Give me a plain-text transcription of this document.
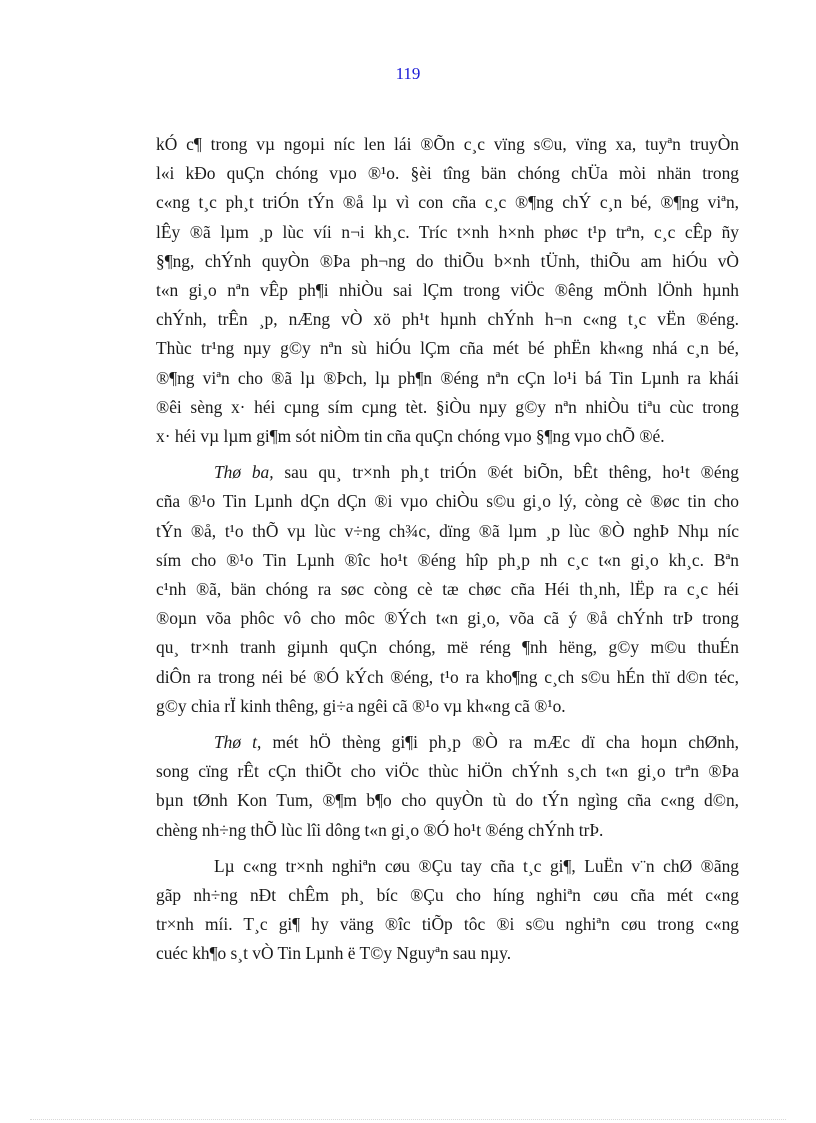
119

kÓ c¶ trong vµ ngoµi níc len lái ®Õn c¸c vïng s©u, vïng xa, tuyªn truyÒn
l«i kÐo quÇn chóng vµo ®¹o. §èi tîng bän chóng chÜa mòi nhän trong
c«ng t¸c ph¸t triÓn tÝn ®å lµ vì con cña c¸c ®¶ng chÝ c¸n bé, ®¶ng viªn,
lÊy ®ã lµm ¸p lùc víi n¬i kh¸c. Tríc t×nh h×nh phøc t¹p trªn, c¸c cÊp ñy
§¶ng, chÝnh quyÒn ®Þa ph¬ng do thiÕu b×nh tÜnh, thiÕu am hiÓu vÒ
t«n gi¸o nªn vÊp ph¶i nhiÒu sai lÇm trong viÖc ®êng mÖnh lÖnh hµnh
chÝnh, trÊn ¸p, nÆng vÒ xö ph¹t hµnh chÝnh h¬n c«ng t¸c vËn ®éng.
Thùc tr¹ng nµy g©y nªn sù hiÓu lÇm cña mét bé phËn kh«ng nhá c¸n bé,
®¶ng viªn cho ®ã lµ ®Þch, lµ ph¶n ®éng nªn cÇn lo¹i bá Tin Lµnh ra khái
®êi sèng x· héi cµng sím cµng tèt. §iÒu nµy g©y nªn nhiÒu tiªu cùc trong
x· héi vµ lµm gi¶m sót niÒm tin cña quÇn chóng vµo §¶ng vµo chÕ ®é.

Thø ba, sau qu¸ tr×nh ph¸t triÓn ®ét biÕn, bÊt thêng, ho¹t ®éng
cña ®¹o Tin Lµnh dÇn dÇn ®i vµo chiÒu s©u gi¸o lý, còng cè ®øc tin cho
tÝn ®å, t¹o thÕ vµ lùc v÷ng ch¾c, dïng ®ã lµm ¸p lùc ®Ò nghÞ Nhµ níc
sím cho ®¹o Tin Lµnh ®îc ho¹t ®éng hîp ph¸p nh c¸c t«n gi¸o kh¸c. Bªn
c¹nh ®ã, bän chóng ra søc còng cè tæ chøc cña Héi th¸nh, lËp ra c¸c héi
®oµn võa phôc vô cho môc ®Ých t«n gi¸o, võa cã ý ®å chÝnh trÞ trong
qu¸ tr×nh tranh giµnh quÇn chóng, më réng ¶nh hëng, g©y m©u thuÉn
diÔn ra trong néi bé ®Ó kÝch ®éng, t¹o ra kho¶ng c¸ch s©u hÉn thï d©n téc,
g©y chia rÏ kinh thêng, gi÷a ngêi cã ®¹o vµ kh«ng cã ®¹o.

Thø t, mét hÖ thèng gi¶i ph¸p ®Ò ra mÆc dï cha hoµn chØnh,
song cïng rÊt cÇn thiÕt cho viÖc thùc hiÖn chÝnh s¸ch t«n gi¸o trªn ®Þa
bµn tØnh Kon Tum, ®¶m b¶o cho quyÒn tù do tÝn ngìng cña c«ng d©n,
chèng nh÷ng thÕ lùc lîi dông t«n gi¸o ®Ó ho¹t ®éng chÝnh trÞ.

Lµ c«ng tr×nh nghiªn cøu ®Çu tay cña t¸c gi¶, LuËn v¨n chØ ®ãng
gãp nh÷ng nÐt chÊm ph¸ bíc ®Çu cho híng nghiªn cøu cña mét c«ng
tr×nh míi. T¸c gi¶ hy väng ®îc tiÕp tôc ®i s©u nghiªn cøu trong c«ng
cuéc kh¶o s¸t vÒ Tin Lµnh ë T©y Nguyªn sau nµy.
